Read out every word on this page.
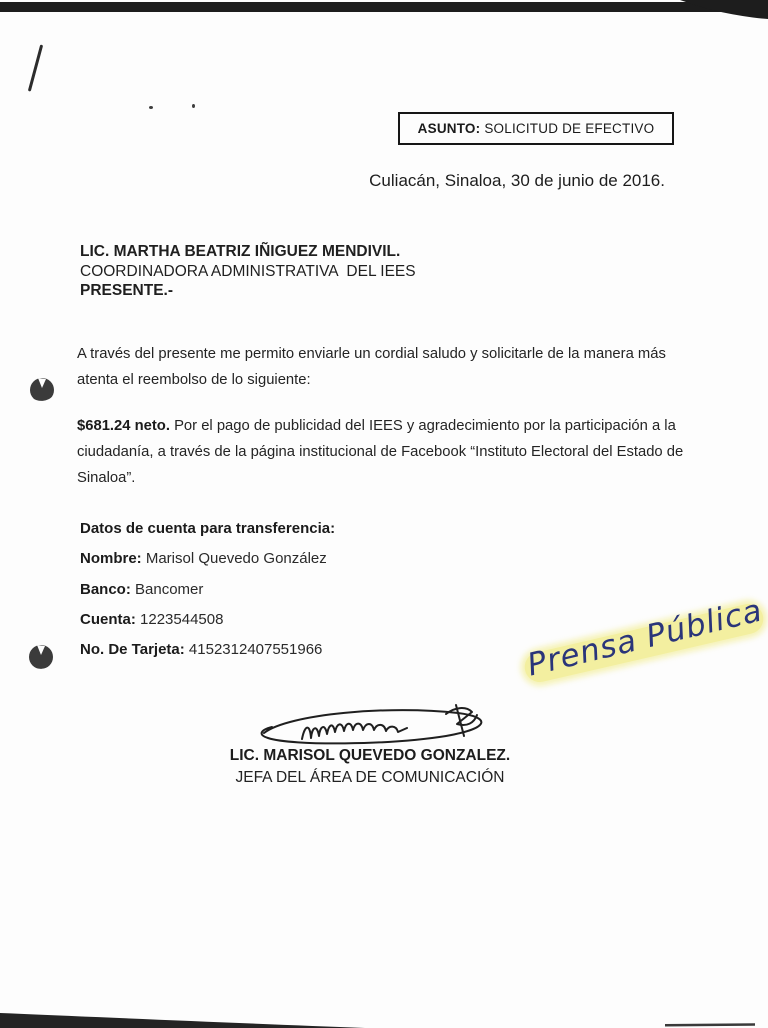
ASUNTO: SOLICITUD DE EFECTIVO
Culiacán, Sinaloa, 30 de junio de 2016.
LIC. MARTHA BEATRIZ IÑIGUEZ MENDIVIL.
COORDINADORA ADMINISTRATIVA  DEL IEES
PRESENTE.-
A través del presente me permito enviarle un cordial saludo y solicitarle de la manera más
atenta el reembolso de lo siguiente:
$681.24 neto. Por el pago de publicidad del IEES y agradecimiento por la participación a la
ciudadanía, a través de la página institucional de Facebook “Instituto Electoral del Estado de
Sinaloa”.
Datos de cuenta para transferencia:
Nombre: Marisol Quevedo González
Banco: Bancomer
Cuenta: 1223544508
No. De Tarjeta: 4152312407551966	Prensa Pública
LIC. MARISOL QUEVEDO GONZALEZ.
JEFA DEL ÁREA DE COMUNICACIÓN
